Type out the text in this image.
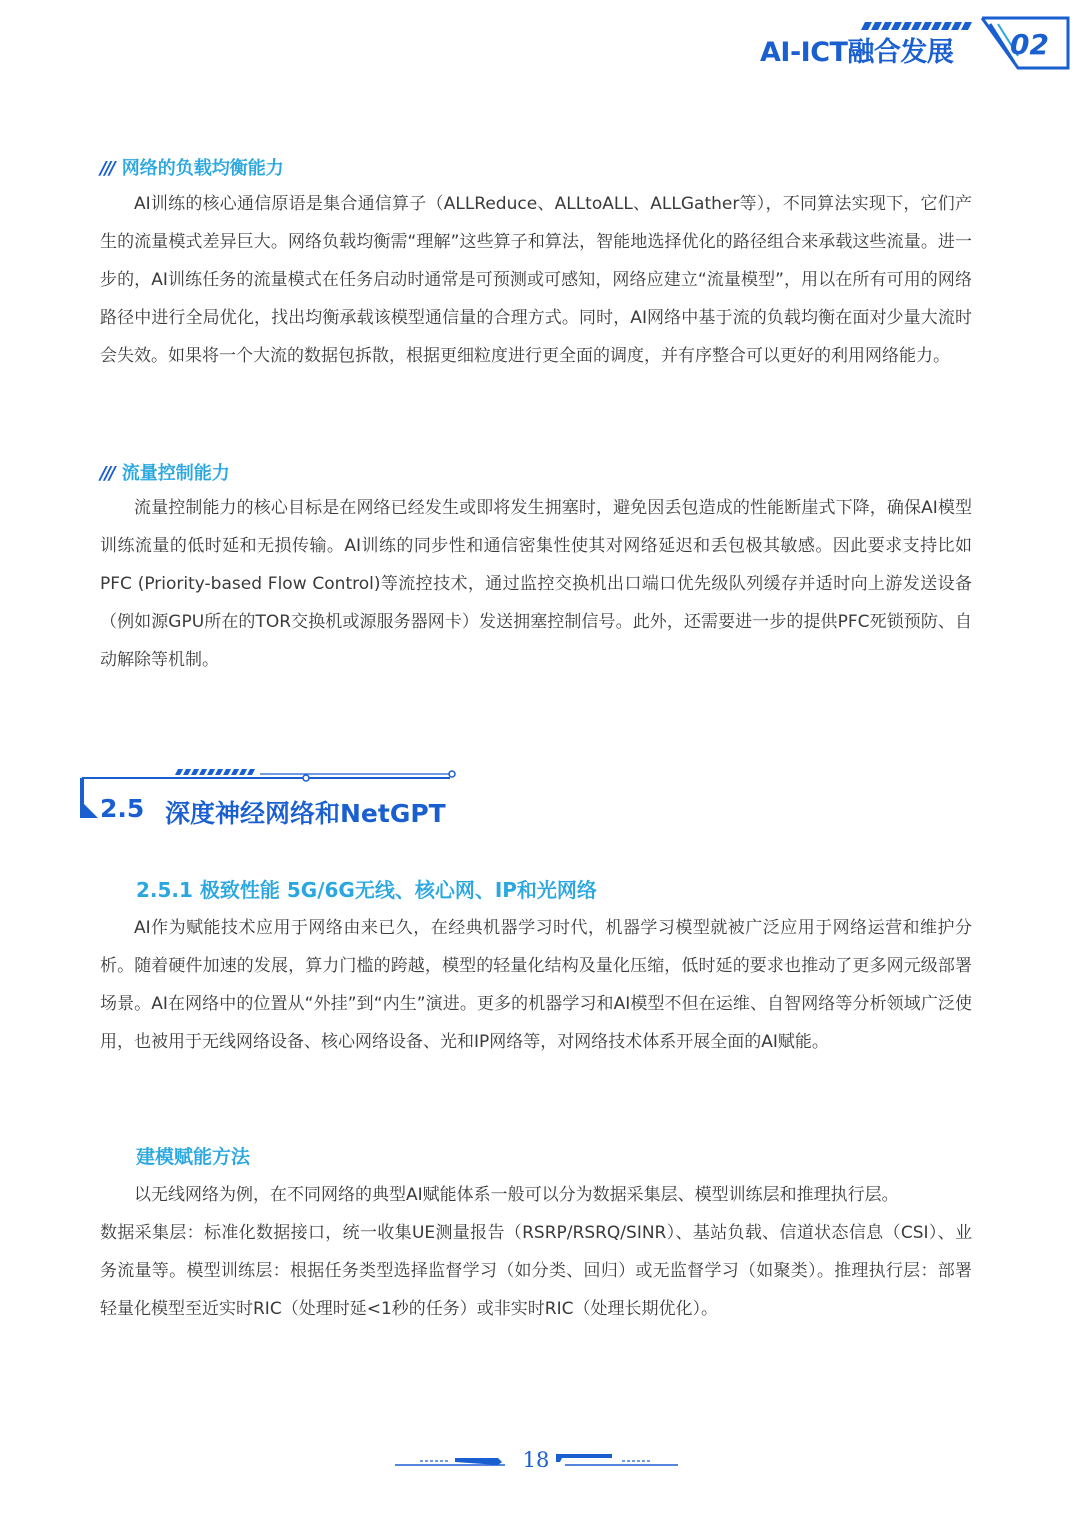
AI-ICT融合发展	02
/// 网络的负载均衡能力
AI训练的核心通信原语是集合通信算子（ALLReduce、ALLtoALL、ALLGather等），不同算法实现下，它们产生的流量模式差异巨大。网络负载均衡需“理解”这些算子和算法，智能地选择优化的路径组合来承载这些流量。进一步的，AI训练任务的流量模式在任务启动时通常是可预测或可感知，网络应建立“流量模型”，用以在所有可用的网络路径中进行全局优化，找出均衡承载该模型通信量的合理方式。同时，AI网络中基于流的负载均衡在面对少量大流时会失效。如果将一个大流的数据包拆散，根据更细粒度进行更全面的调度，并有序整合可以更好的利用网络能力。
/// 流量控制能力
流量控制能力的核心目标是在网络已经发生或即将发生拥塞时，避免因丢包造成的性能断崖式下降，确保AI模型训练流量的低时延和无损传输。AI训练的同步性和通信密集性使其对网络延迟和丢包极其敏感。因此要求支持比如PFC (Priority-based Flow Control)等流控技术，通过监控交换机出口端口优先级队列缓存并适时向上游发送设备（例如源GPU所在的TOR交换机或源服务器网卡）发送拥塞控制信号。此外，还需要进一步的提供PFC死锁预防、自动解除等机制。
2.5 深度神经网络和NetGPT
2.5.1 极致性能 5G/6G无线、核心网、IP和光网络
AI作为赋能技术应用于网络由来已久，在经典机器学习时代，机器学习模型就被广泛应用于网络运营和维护分析。随着硬件加速的发展，算力门槛的跨越，模型的轻量化结构及量化压缩，低时延的要求也推动了更多网元级部署场景。AI在网络中的位置从“外挂”到“内生”演进。更多的机器学习和AI模型不但在运维、自智网络等分析领域广泛使用，也被用于无线网络设备、核心网络设备、光和IP网络等，对网络技术体系开展全面的AI赋能。
建模赋能方法
以无线网络为例，在不同网络的典型AI赋能体系一般可以分为数据采集层、模型训练层和推理执行层。
数据采集层：标准化数据接口，统一收集UE测量报告（RSRP/RSRQ/SINR）、基站负载、信道状态信息（CSI）、业务流量等。模型训练层：根据任务类型选择监督学习（如分类、回归）或无监督学习（如聚类）。推理执行层：部署轻量化模型至近实时RIC（处理时延<1秒的任务）或非实时RIC（处理长期优化）。
18
